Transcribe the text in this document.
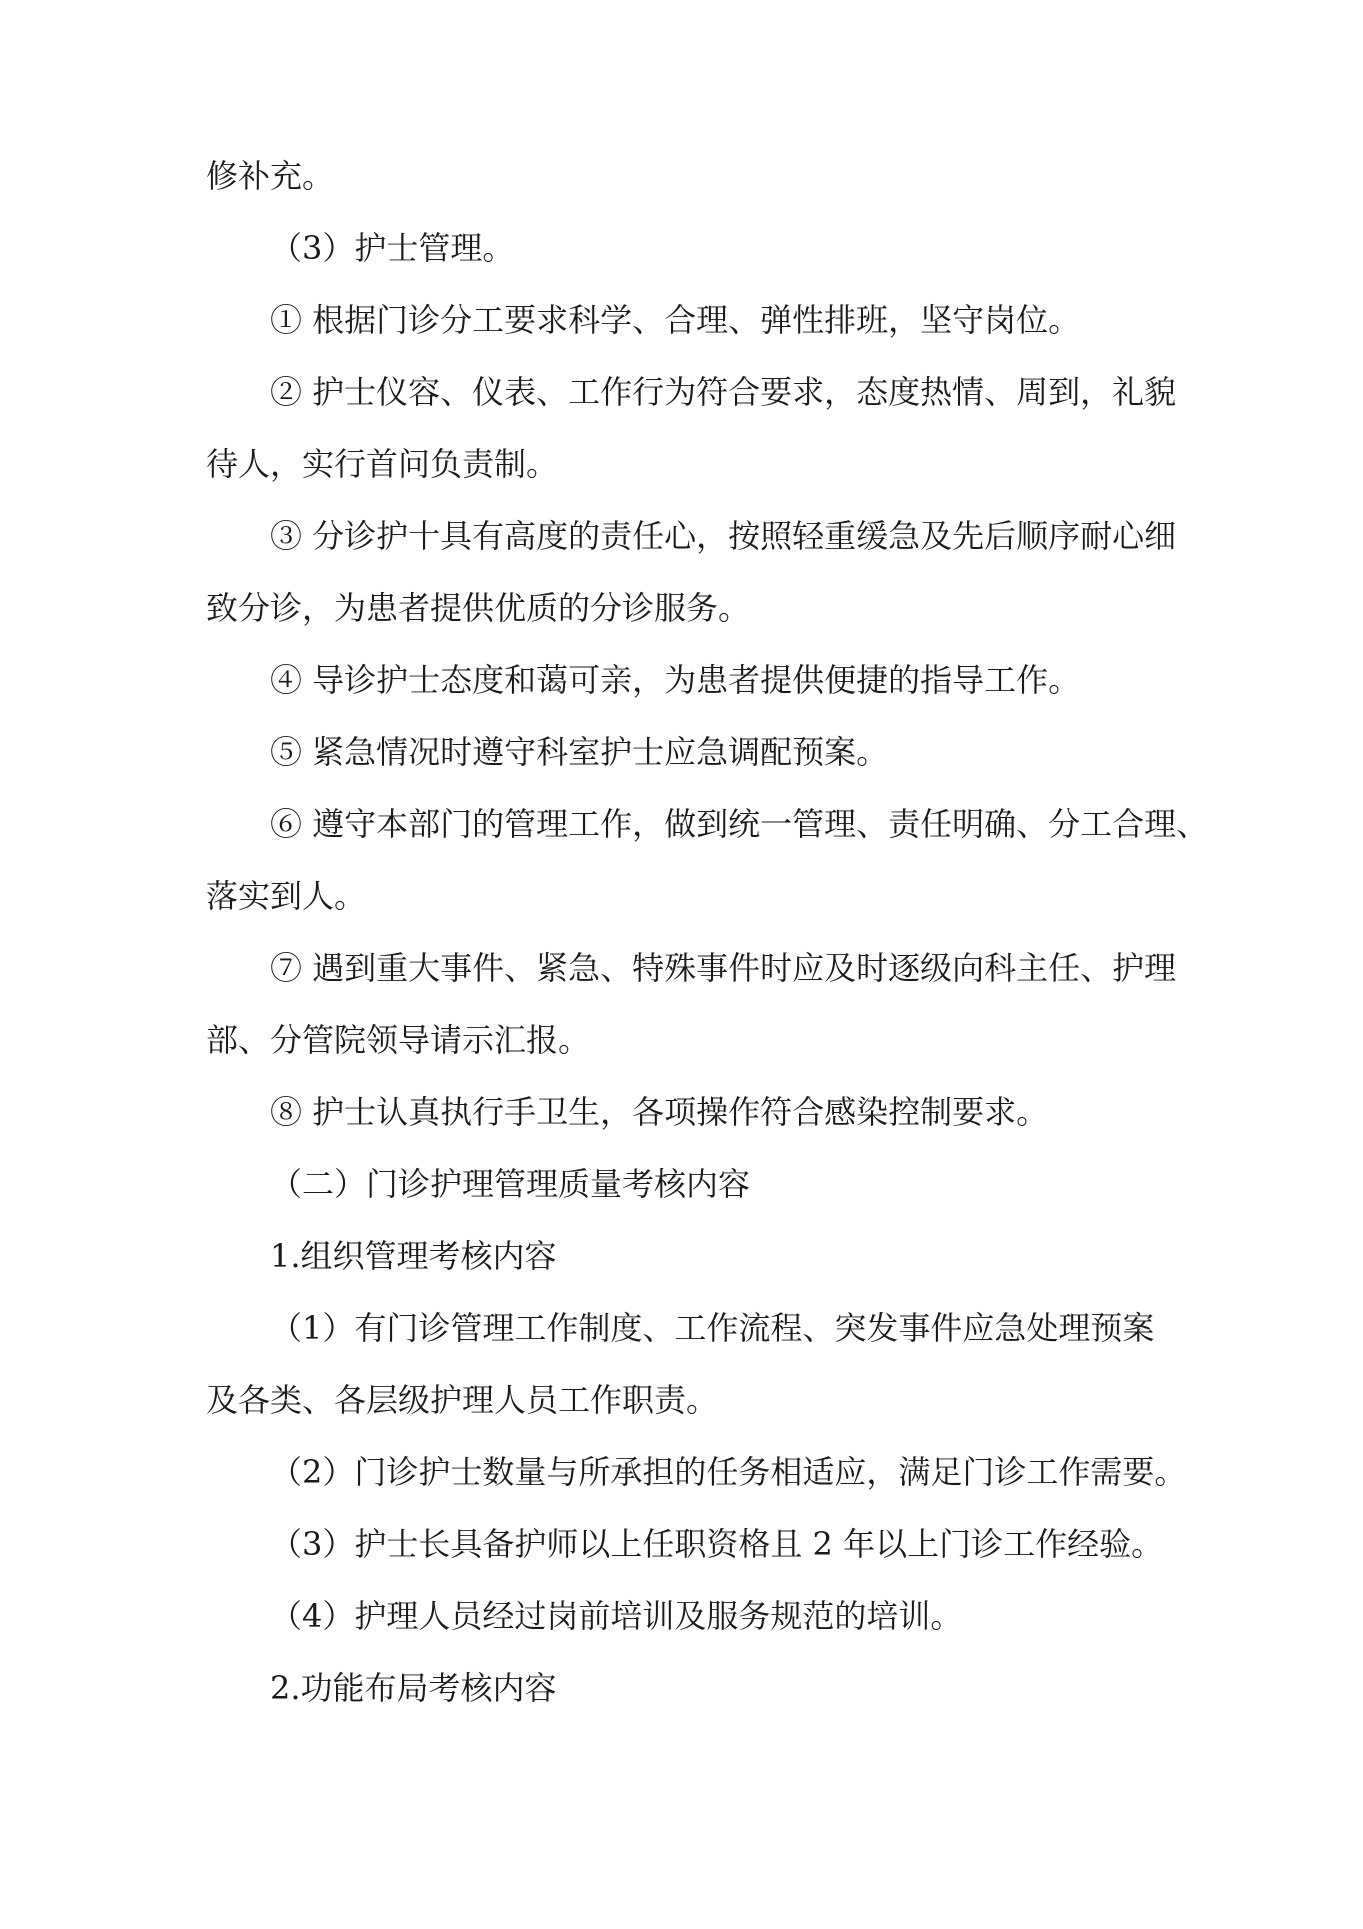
修补充。

（3）护士管理。

① 根据门诊分工要求科学、合理、弹性排班，坚守岗位。

② 护士仪容、仪表、工作行为符合要求，态度热情、周到，礼貌

待人，实行首问负责制。

③ 分诊护十具有高度的责任心，按照轻重缓急及先后顺序耐心细

致分诊，为患者提供优质的分诊服务。

④ 导诊护士态度和蔼可亲，为患者提供便捷的指导工作。

⑤ 紧急情况时遵守科室护士应急调配预案。

⑥ 遵守本部门的管理工作，做到统一管理、责任明确、分工合理、

落实到人。

⑦ 遇到重大事件、紧急、特殊事件时应及时逐级向科主任、护理

部、分管院领导请示汇报。

⑧ 护士认真执行手卫生，各项操作符合感染控制要求。

（二）门诊护理管理质量考核内容

1.组织管理考核内容

（1）有门诊管理工作制度、工作流程、突发事件应急处理预案

及各类、各层级护理人员工作职责。

（2）门诊护士数量与所承担的任务相适应，满足门诊工作需要。

（3）护士长具备护师以上任职资格且 2 年以上门诊工作经验。

（4）护理人员经过岗前培训及服务规范的培训。

2.功能布局考核内容
